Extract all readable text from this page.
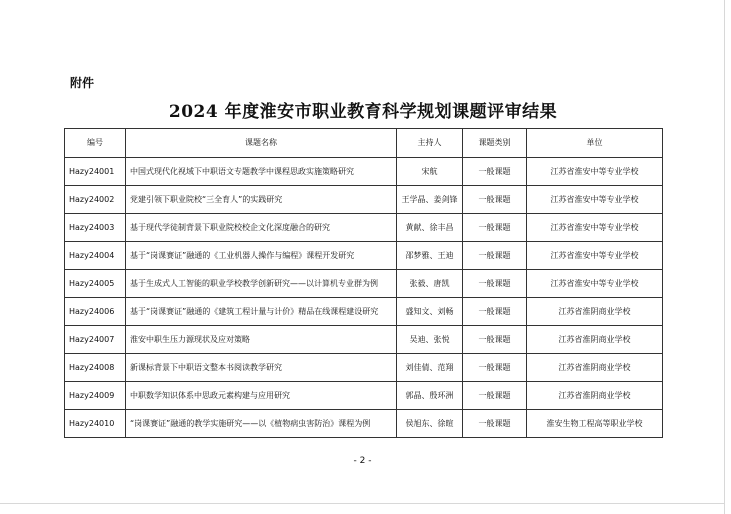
附件
2024 年度淮安市职业教育科学规划课题评审结果
编号	课题名称	主持人	课题类别	单位
Hazy24001	中国式现代化视域下中职语文专题教学中课程思政实施策略研究	宋航	一般课题	江苏省淮安中等专业学校
Hazy24002	党建引领下职业院校“三全育人”的实践研究	王学晶、姜剑锋	一般课题	江苏省淮安中等专业学校
Hazy24003	基于现代学徒制背景下职业院校校企文化深度融合的研究	黄献、徐丰昌	一般课题	江苏省淮安中等专业学校
Hazy24004	基于“岗课赛证”融通的《工业机器人操作与编程》课程开发研究	邵梦雅、王迪	一般课题	江苏省淮安中等专业学校
Hazy24005	基于生成式人工智能的职业学校教学创新研究——以计算机专业群为例	张毅、唐凯	一般课题	江苏省淮安中等专业学校
Hazy24006	基于“岗课赛证”融通的《建筑工程计量与计价》精品在线课程建设研究	盛知文、刘畅	一般课题	江苏省淮阴商业学校
Hazy24007	淮安中职生压力源现状及应对策略	吴迪、张悦	一般课题	江苏省淮阴商业学校
Hazy24008	新课标背景下中职语文整本书阅读教学研究	刘佳倩、范翔	一般课题	江苏省淮阴商业学校
Hazy24009	中职数学知识体系中思政元素构建与应用研究	郭晶、殷环洲	一般课题	江苏省淮阴商业学校
Hazy24010	“岗课赛证”融通的教学实施研究——以《植物病虫害防治》课程为例	侯旭东、徐暄	一般课题	淮安生物工程高等职业学校
- 2 -
